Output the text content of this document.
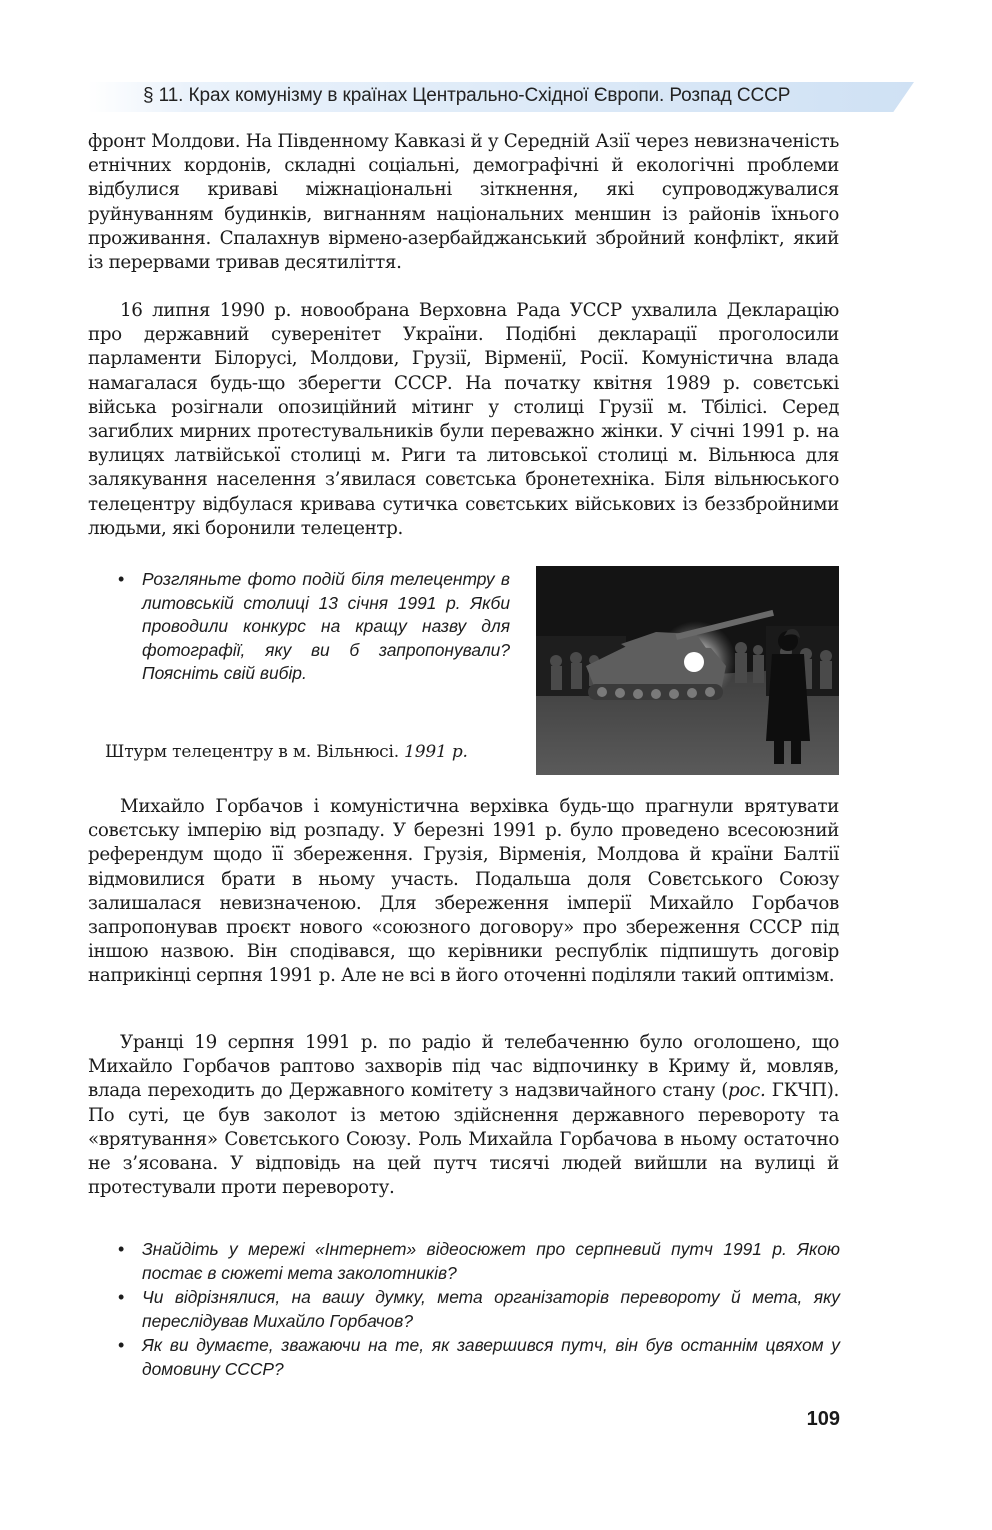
§ 11. Крах комунізму в країнах Центрально-Східної Європи. Розпад СССР

фронт Молдови. На Південному Кавказі й у Середній Азії через невизначеність етнічних кордонів, складні соціальні, демографічні й екологічні проблеми відбулися криваві міжнаціональні зіткнення, які супроводжувалися руйнуванням будинків, вигнанням національних меншин із районів їхнього проживання. Спалахнув вірмено-азербайджанський збройний конфлікт, який із перервами тривав десятиліття.

16 липня 1990 р. новообрана Верховна Рада УССР ухвалила Декларацію про державний суверенітет України. Подібні декларації проголосили парламенти Білорусі, Молдови, Грузії, Вірменії, Росії. Комуністична влада намагалася будь-що зберегти СССР. На початку квітня 1989 р. совєтські війська розігнали опозиційний мітинг у столиці Грузії м. Тбілісі. Серед загиблих мирних протестувальників були переважно жінки. У січні 1991 р. на вулицях латвійської столиці м. Риги та литовської столиці м. Вільнюса для залякування населення з’явилася совєтська бронетехніка. Біля вільнюського телецентру відбулася кривава сутичка совєтських військових із беззбройними людьми, які боронили телецентр.

• Розгляньте фото подій біля телецентру в литовській столиці 13 січня 1991 р. Якби проводили конкурс на кращу назву для фотографії, яку ви б запропонували? Поясніть свій вибір.
Штурм телецентру в м. Вільнюсі. 1991 р.

Михайло Горбачов і комуністична верхівка будь-що прагнули врятувати совєтську імперію від розпаду. У березні 1991 р. було проведено всесоюзний референдум щодо її збереження. Грузія, Вірменія, Молдова й країни Балтії відмовилися брати в ньому участь. Подальша доля Совєтського Союзу залишалася невизначеною. Для збереження імперії Михайло Горбачов запропонував проєкт нового «союзного договору» про збереження СССР під іншою назвою. Він сподівався, що керівники республік підпишуть договір наприкінці серпня 1991 р. Але не всі в його оточенні поділяли такий оптимізм.

Уранці 19 серпня 1991 р. по радіо й телебаченню було оголошено, що Михайло Горбачов раптово захворів під час відпочинку в Криму й, мовляв, влада переходить до Державного комітету з надзвичайного стану (рос. ГКЧП). По суті, це був заколот із метою здійснення державного перевороту та «врятування» Совєтського Союзу. Роль Михайла Горбачова в ньому остаточно не з’ясована. У відповідь на цей путч тисячі людей вийшли на вулиці й протестували проти перевороту.

• Знайдіть у мережі «Інтернет» відеосюжет про серпневий путч 1991 р. Якою постає в сюжеті мета заколотників?
• Чи відрізнялися, на вашу думку, мета організаторів перевороту й мета, яку переслідував Михайло Горбачов?
• Як ви думаєте, зважаючи на те, як завершився путч, він був останнім цвяхом у домовину СССР?
109
